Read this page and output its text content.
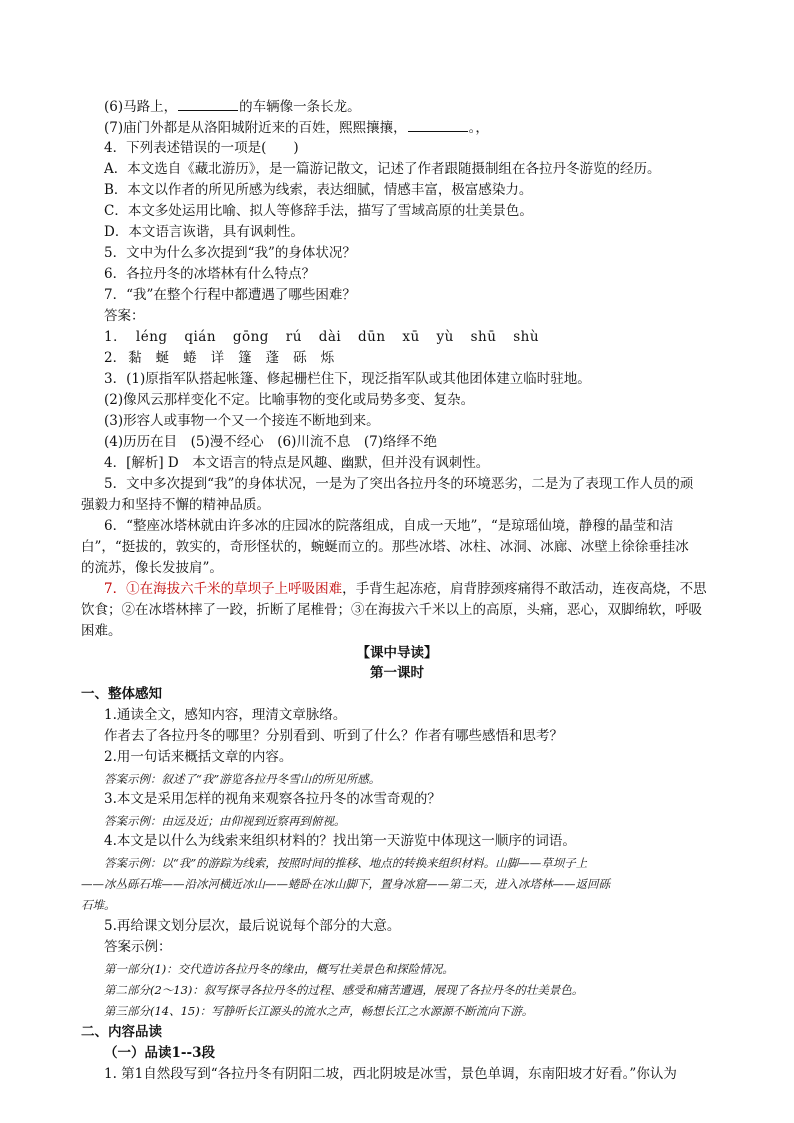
(6)马路上，	的车辆像一条长龙。
(7)庙门外都是从洛阳城附近来的百姓，熙熙攘攘，	。，
4．下列表述错误的一项是(　　)
A．本文选自《藏北游历》，是一篇游记散文，记述了作者跟随摄制组在各拉丹冬游览的经历。
B．本文以作者的所见所感为线索，表达细腻，情感丰富，极富感染力。
C．本文多处运用比喻、拟人等修辞手法，描写了雪域高原的壮美景色。
D．本文语言诙谐，具有讽刺性。
5．文中为什么多次提到“我”的身体状况？
6．各拉丹冬的冰塔林有什么特点？
7．“我”在整个行程中都遭遇了哪些困难？
答案：
1． léng qián gōng rú dài dūn xū yù shū shù
2． 黏 蜒 蜷 详 篷 蓬 砾 烁
3．(1)原指军队搭起帐篷、修起栅栏住下，现泛指军队或其他团体建立临时驻地。
(2)像风云那样变化不定。比喻事物的变化或局势多变、复杂。
(3)形容人或事物一个又一个接连不断地到来。
(4)历历在目　(5)漫不经心　(6)川流不息　(7)络绎不绝
4．[解析] D　本文语言的特点是风趣、幽默，但并没有讽刺性。
5．文中多次提到“我”的身体状况，一是为了突出各拉丹冬的环境恶劣，二是为了表现工作人员的顽
强毅力和坚持不懈的精神品质。
6．“整座冰塔林就由许多冰的庄园冰的院落组成，自成一天地”，“是琼瑶仙境，静穆的晶莹和洁
白”，“挺拔的，敦实的，奇形怪状的，蜿蜒而立的。那些冰塔、冰柱、冰洞、冰廊、冰壁上徐徐垂挂冰
的流苏，像长发披肩”。
7．①在海拔六千米的草坝子上呼吸困难，手背生起冻疮，肩背脖颈疼痛得不敢活动，连夜高烧，不思
饮食；②在冰塔林摔了一跤，折断了尾椎骨；③在海拔六千米以上的高原，头痛，恶心，双脚绵软，呼吸
困难。
【课中导读】
第一课时
一、整体感知
1.通读全文，感知内容，理清文章脉络。
作者去了各拉丹冬的哪里？分别看到、听到了什么？作者有哪些感悟和思考？
2.用一句话来概括文章的内容。
答案示例：叙述了“我”游览各拉丹冬雪山的所见所感。
3.本文是采用怎样的视角来观察各拉丹冬的冰雪奇观的？
答案示例：由远及近；由仰视到近察再到俯视。
4.本文是以什么为线索来组织材料的？找出第一天游览中体现这一顺序的词语。
答案示例：以“我”的游踪为线索，按照时间的推移、地点的转换来组织材料。山脚——草坝子上
——冰丛砾石堆——沿冰河横近冰山——蜷卧在冰山脚下，置身冰窟——第二天，进入冰塔林——返回砾
石堆。
5.再给课文划分层次，最后说说每个部分的大意。
答案示例：
第一部分(1)：交代造访各拉丹冬的缘由，概写壮美景色和探险情况。
第二部分(2～13)：叙写探寻各拉丹冬的过程、感受和痛苦遭遇，展现了各拉丹冬的壮美景色。
第三部分(14、15)：写静听长江源头的流水之声，畅想长江之水源源不断流向下游。
二、内容品读
（一）品读1--3段
1. 第1自然段写到“各拉丹冬有阴阳二坡，西北阴坡是冰雪，景色单调，东南阳坡才好看。”你认为
